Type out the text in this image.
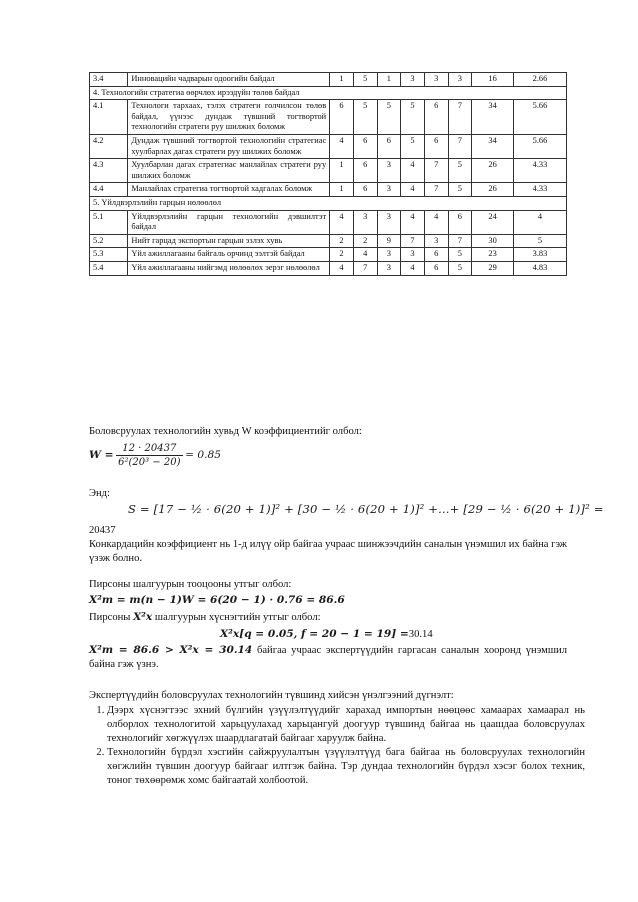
3.4	Инновацийн чадварын одоогийн байдал	1	5	1	3	3	3	16	2.66
4. Технологийн стратегиа өөрчлөх ирээдүйн төлөв байдал									
4.1	Технологи тархаах, тэлэх стратеги голчилсон төлөв байдал, үүнээс дундаж түвшний тогтвортой технологийн стратеги руу шилжих боломж	6	5	5	5	6	7	34	5.66
4.2	Дундаж түвшний тогтвортой технологийн стратегиас хуулбарлах дагах стратеги руу шилжих боломж	4	6	6	5	6	7	34	5.66
4.3	Хуулбарлан дагах стратегиас манлайлах стратеги руу шилжих боломж	1	6	3	4	7	5	26	4.33
4.4	Манлайлах стратегиа тогтвортой хадгалах боломж	1	6	3	4	7	5	26	4.33
5. Үйлдвэрлэлийн гарцын нөлөөлөл									
5.1	Үйлдвэрлэлийн гарцын технологийн дэвшилтэт байдал	4	3	3	4	4	6	24	4
5.2	Нийт гарцад экспортын гарцын эзлэх хувь	2	2	9	7	3	7	30	5
5.3	Үйл ажиллагааны байгаль орчинд ээлтэй байдал	2	4	3	3	6	5	23	3.83
5.4	Үйл ажиллагааны нийгэмд нөлөөлөх эерэг нөлөөлөл	4	7	3	4	6	5	29	4.83
Боловсруулах технологийн хувьд W коэффициентийг олбол:
$W = \frac{12 \cdot 20437}{\text{6²(20³ − 20)}} = 0.85$
Энд:
S = [17 − ½ · 6(20 + 1)]² + [30 − ½ · 6(20 + 1)]² +...+ [29 − ½ · 6(20 + 1)]² =
20437
Конкардацийн коэффициент нь 1-д илүү ойр байгаа учраас шинжээчдийн саналын үнэмшил их байна гэж үзэж болно.
Пирсоны шалгуурын тооцооны утгыг олбол:
X²т = m(n − 1)W = 6(20 − 1) · 0.76 = 86.6
Пирсоны X²х шалгуурын хүснэгтийн утгыг олбол:
X²х[q = 0.05, f = 20 − 1 = 19] =30.14
X²т = 86.6 > X²х = 30.14 байгаа учраас экспертүүдийн гаргасан саналын хооронд үнэмшил байна гэж үзнэ.
Экспертүүдийн боловсруулах технологийн түвшинд хийсэн үнэлгээний дүгнэлт:
1. Дээрх хүснэгтээс эхний бүлгийн үзүүлэлтүүдийг харахад импортын нөөцөөс хамаарах хамаарал нь олборлох технологитой харьцуулахад харьцангуй доогуур түвшинд байгаа нь цаашдаа боловсруулах технологийг хөгжүүлэх шаардлагатай байгааг харуулж байна.
2. Технологийн бүрдэл хэсгийн сайжруулалтын үзүүлэлтүүд бага байгаа нь боловсруулах технологийн хөгжлийн түвшин доогуур байгааг илтгэж байна. Тэр дундаа технологийн бүрдэл хэсэг болох техник, тоног төхөөрөмж хомс байгаатай холбоотой.
